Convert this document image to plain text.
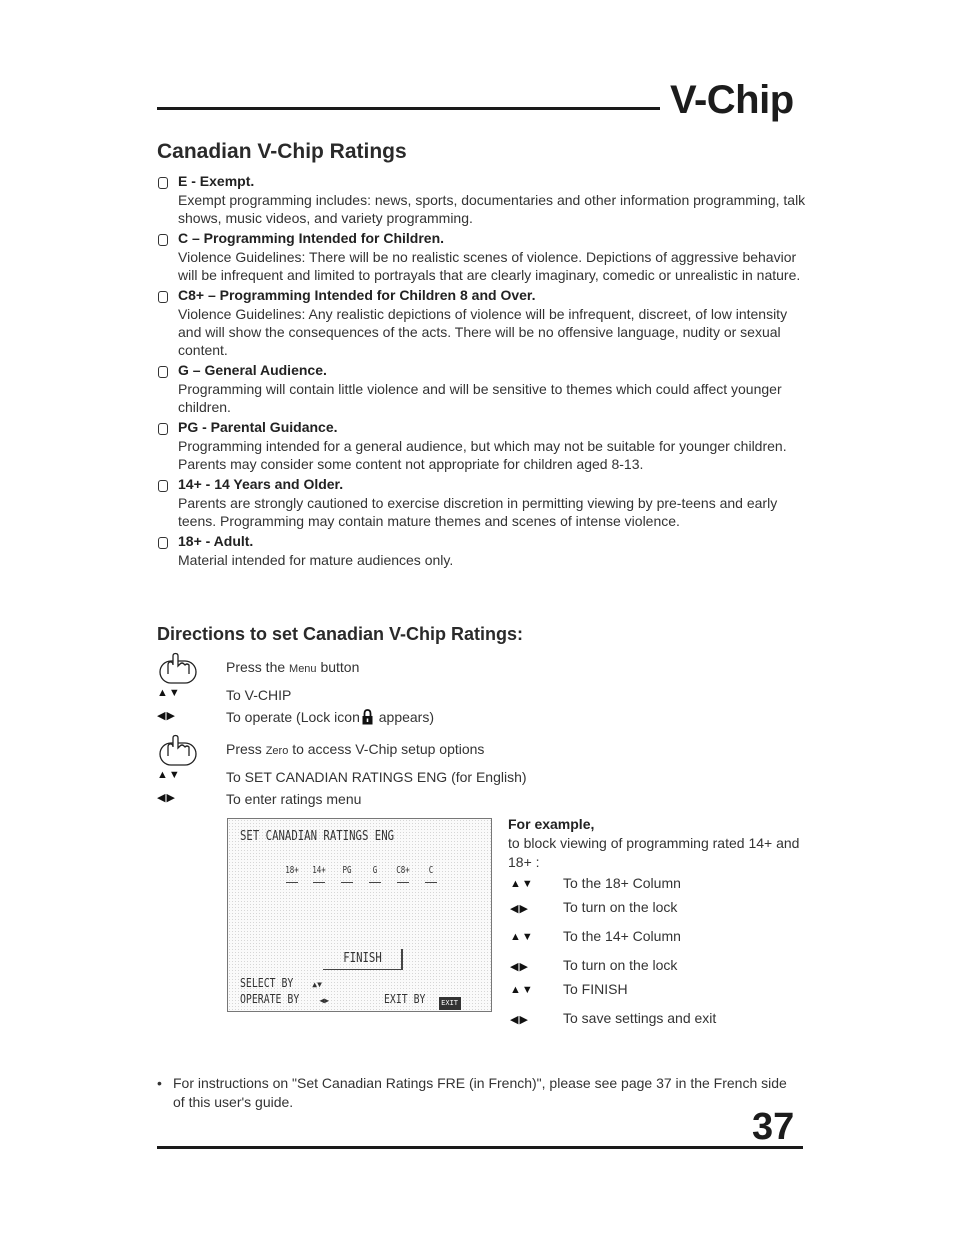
V-Chip
Canadian V-Chip Ratings
E - Exempt.
Exempt programming includes: news, sports, documentaries and other information programming, talk shows, music videos, and variety programming.
C – Programming Intended for Children.
Violence Guidelines: There will be no realistic scenes of violence. Depictions of aggressive behavior will be infrequent and limited to portrayals that are clearly imaginary, comedic or unrealistic in nature.
C8+ – Programming Intended for Children 8 and Over.
Violence Guidelines: Any realistic depictions of violence will be infrequent, discreet, of low intensity and will show the consequences of the acts. There will be no offensive language, nudity or sexual content.
G – General Audience.
Programming will contain little violence and will be sensitive to themes which could affect younger children.
PG - Parental Guidance.
Programming intended for a general audience, but which may not be suitable for younger children. Parents may consider some content not appropriate for children aged 8-13.
14+ - 14 Years and Older.
Parents are strongly cautioned to exercise discretion in permitting viewing by pre-teens and early teens. Programming may contain mature themes and scenes of intense violence.
18+ - Adult.
Material intended for mature audiences only.
Directions to set Canadian V-Chip Ratings:
Press the Menu button
▲▼	To V-CHIP
◀▶	To operate (Lock icon appears)
Press Zero to access V-Chip setup options
▲▼	To SET CANADIAN RATINGS ENG (for English)
◀▶	To enter ratings menu
SET CANADIAN RATINGS ENG
18+ 14+ PG	G	C8+	C
FINISH
SELECT BY ▲▼
OPERATE BY	◀▶	EXIT BY EXIT
For example,
to block viewing of programming rated 14+ and 18+ :
▲▼ To the 18+ Column
◀▶ To turn on the lock
▲▼ To the 14+ Column
◀▶ To turn on the lock
▲▼ To FINISH
◀▶ To save settings and exit
• For instructions on "Set Canadian Ratings FRE (in French)", please see page 37 in the French side of this user's guide.
37
